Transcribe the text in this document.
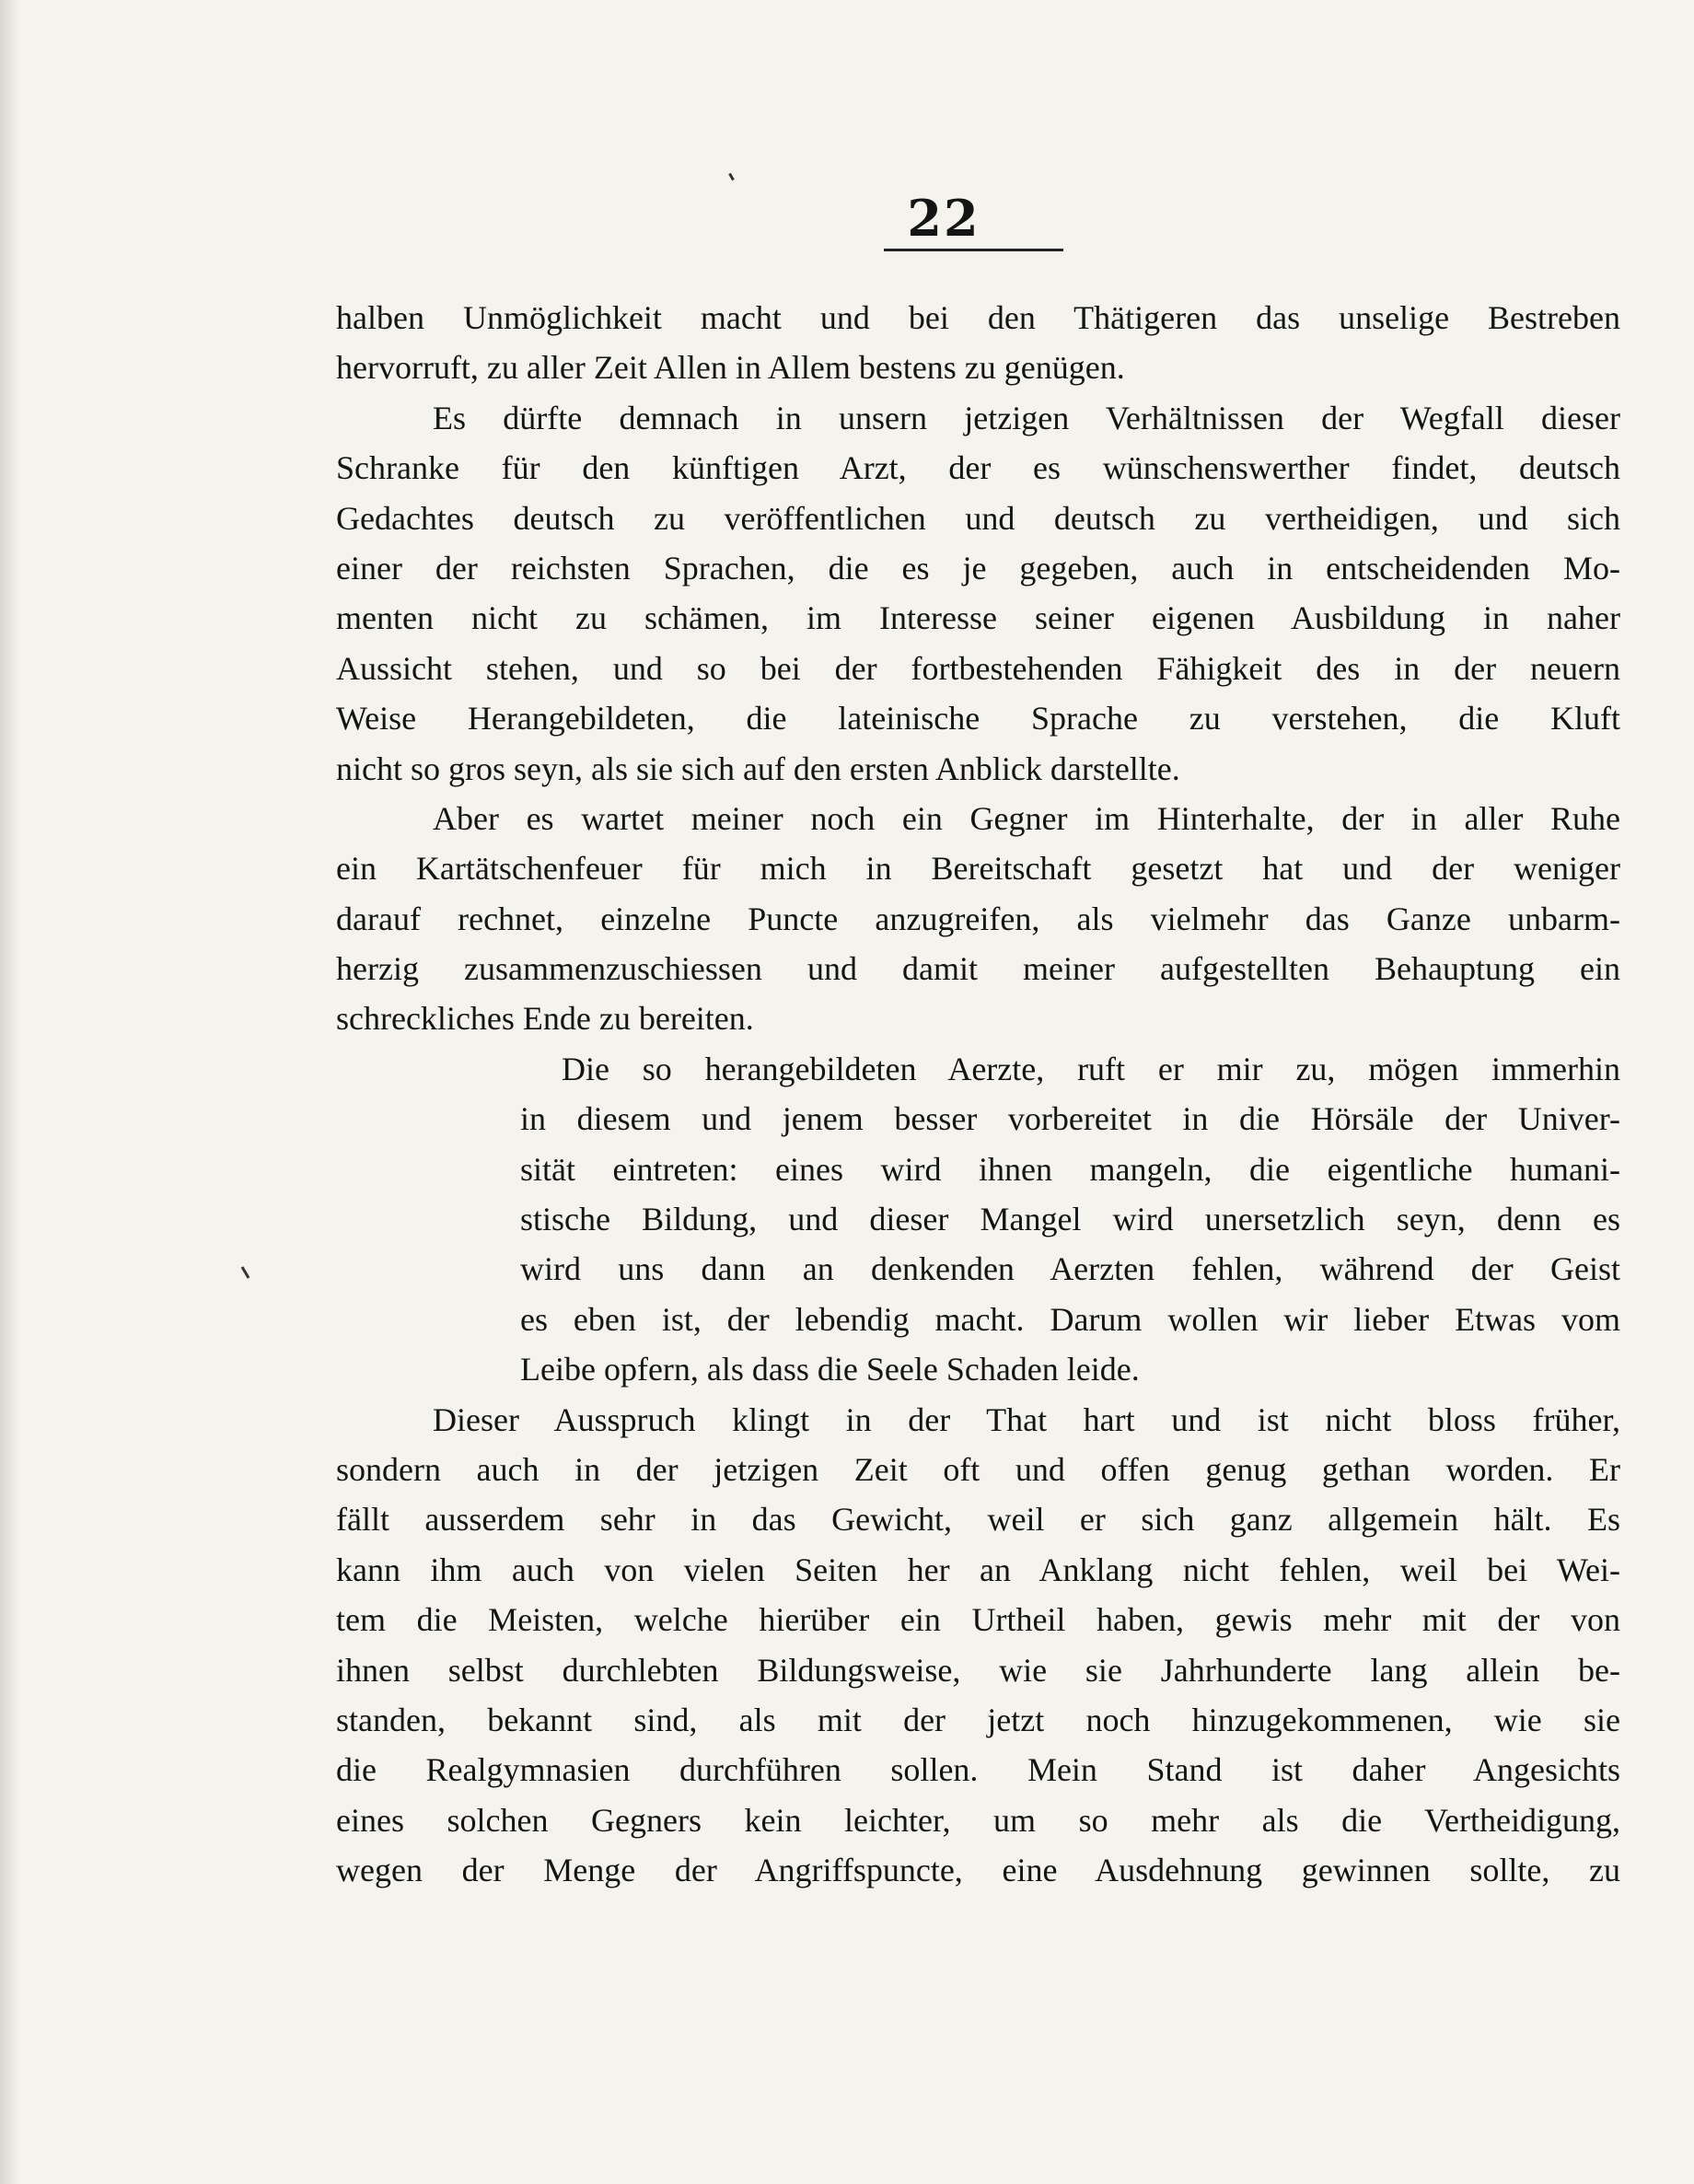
22
halben Unmöglichkeit macht und bei den Thätigeren das unselige Bestreben
hervorruft, zu aller Zeit Allen in Allem bestens zu genügen.
Es dürfte demnach in unsern jetzigen Verhältnissen der Wegfall dieser
Schranke für den künftigen Arzt, der es wünschenswerther findet, deutsch
Gedachtes deutsch zu veröffentlichen und deutsch zu vertheidigen, und sich
einer der reichsten Sprachen, die es je gegeben, auch in entscheidenden Mo-
menten nicht zu schämen, im Interesse seiner eigenen Ausbildung in naher
Aussicht stehen, und so bei der fortbestehenden Fähigkeit des in der neuern
Weise Herangebildeten, die lateinische Sprache zu verstehen, die Kluft
nicht so gros seyn, als sie sich auf den ersten Anblick darstellte.
Aber es wartet meiner noch ein Gegner im Hinterhalte, der in aller Ruhe
ein Kartätschenfeuer für mich in Bereitschaft gesetzt hat und der weniger
darauf rechnet, einzelne Puncte anzugreifen, als vielmehr das Ganze unbarm-
herzig zusammenzuschiessen und damit meiner aufgestellten Behauptung ein
schreckliches Ende zu bereiten.
Die so herangebildeten Aerzte, ruft er mir zu, mögen immerhin
in diesem und jenem besser vorbereitet in die Hörsäle der Univer-
sität eintreten: eines wird ihnen mangeln, die eigentliche humani-
stische Bildung, und dieser Mangel wird unersetzlich seyn, denn es
wird uns dann an denkenden Aerzten fehlen, während der Geist
es eben ist, der lebendig macht. Darum wollen wir lieber Etwas vom
Leibe opfern, als dass die Seele Schaden leide.
Dieser Ausspruch klingt in der That hart und ist nicht bloss früher,
sondern auch in der jetzigen Zeit oft und offen genug gethan worden. Er
fällt ausserdem sehr in das Gewicht, weil er sich ganz allgemein hält. Es
kann ihm auch von vielen Seiten her an Anklang nicht fehlen, weil bei Wei-
tem die Meisten, welche hierüber ein Urtheil haben, gewis mehr mit der von
ihnen selbst durchlebten Bildungsweise, wie sie Jahrhunderte lang allein be-
standen, bekannt sind, als mit der jetzt noch hinzugekommenen, wie sie
die Realgymnasien durchführen sollen. Mein Stand ist daher Angesichts
eines solchen Gegners kein leichter, um so mehr als die Vertheidigung,
wegen der Menge der Angriffspuncte, eine Ausdehnung gewinnen sollte, zu
